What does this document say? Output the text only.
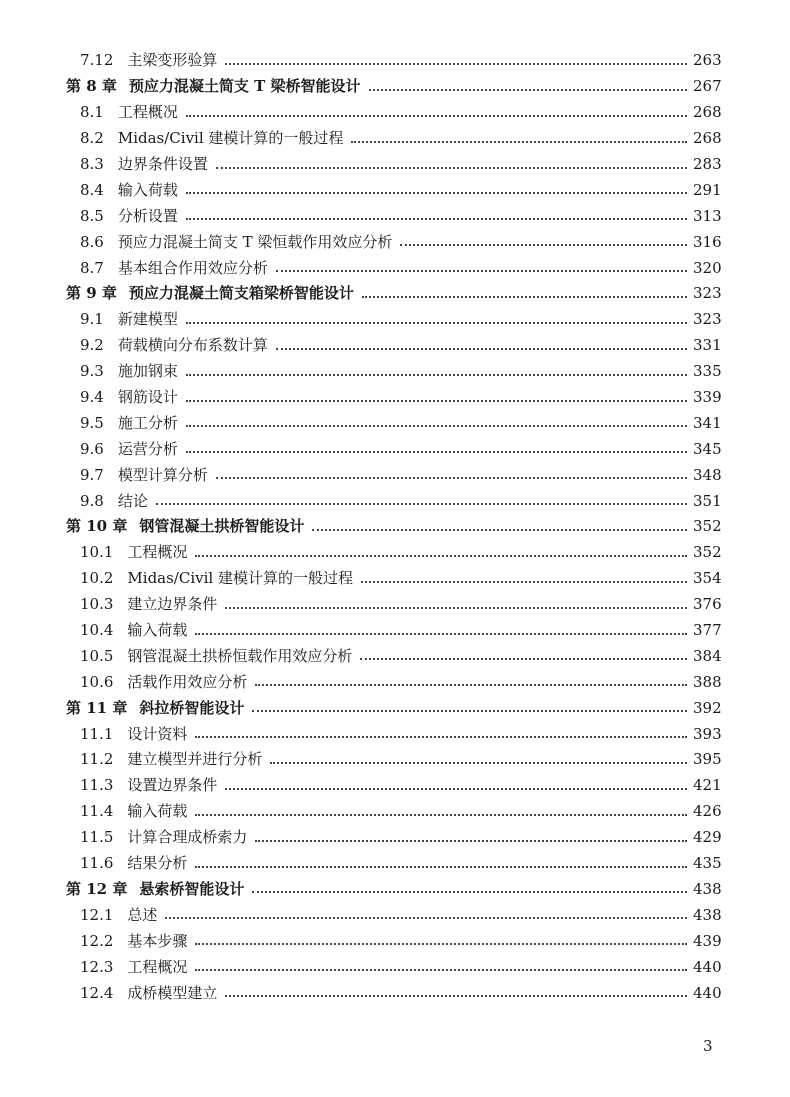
7.12 主梁变形验算	263
第 8 章 预应力混凝土简支 T 梁桥智能设计	267
8.1 工程概况	268
8.2 Midas/Civil 建模计算的一般过程	268
8.3 边界条件设置	283
8.4 输入荷载	291
8.5 分析设置	313
8.6 预应力混凝土简支 T 梁恒载作用效应分析	316
8.7 基本组合作用效应分析	320
第 9 章 预应力混凝土简支箱梁桥智能设计	323
9.1 新建模型	323
9.2 荷载横向分布系数计算	331
9.3 施加钢束	335
9.4 钢筋设计	339
9.5 施工分析	341
9.6 运营分析	345
9.7 模型计算分析	348
9.8 结论	351
第 10 章 钢管混凝土拱桥智能设计	352
10.1 工程概况	352
10.2 Midas/Civil 建模计算的一般过程	354
10.3 建立边界条件	376
10.4 输入荷载	377
10.5 钢管混凝土拱桥恒载作用效应分析	384
10.6 活载作用效应分析	388
第 11 章 斜拉桥智能设计	392
11.1 设计资料	393
11.2 建立模型并进行分析	395
11.3 设置边界条件	421
11.4 输入荷载	426
11.5 计算合理成桥索力	429
11.6 结果分析	435
第 12 章 悬索桥智能设计	438
12.1 总述	438
12.2 基本步骤	439
12.3 工程概况	440
12.4 成桥模型建立	440
3
